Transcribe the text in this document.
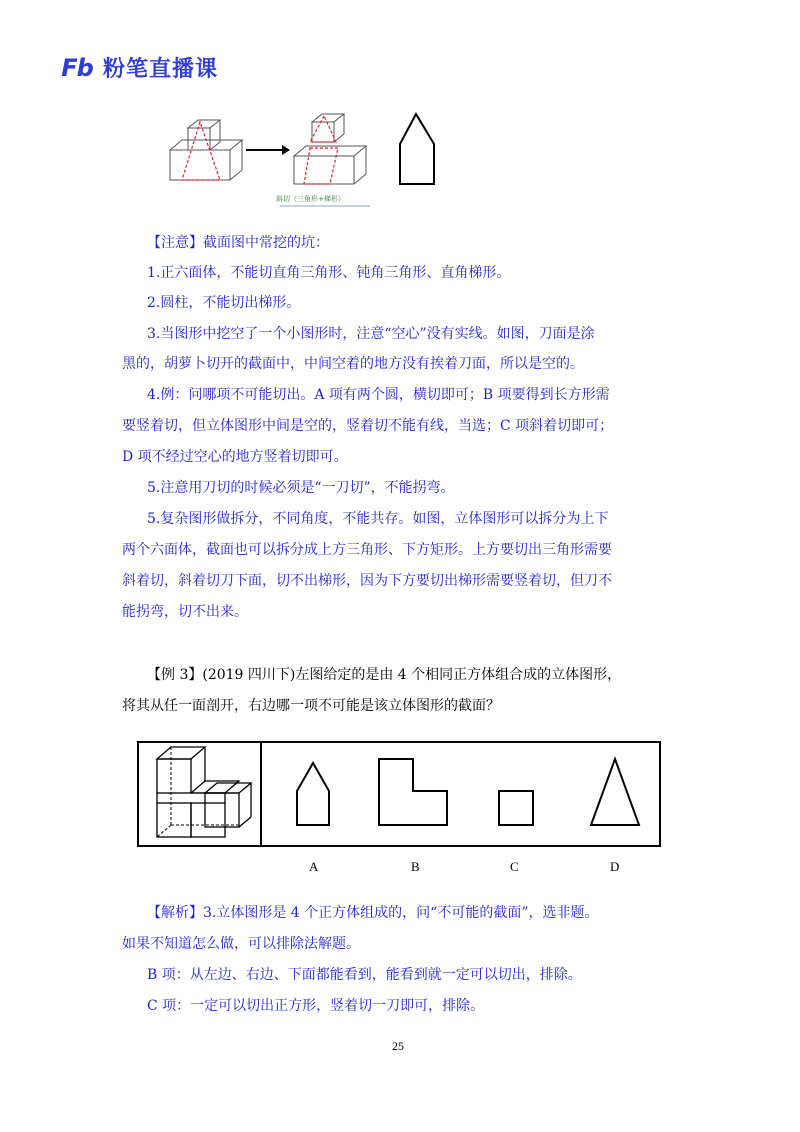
Fb 粉笔直播课
斜切（三角形+梯形）
【注意】截面图中常挖的坑：
1.正六面体，不能切直角三角形、钝角三角形、直角梯形。
2.圆柱，不能切出梯形。
3.当图形中挖空了一个小图形时，注意“空心”没有实线。如图，刀面是涂
黑的，胡萝卜切开的截面中，中间空着的地方没有挨着刀面，所以是空的。
4.例：问哪项不可能切出。A 项有两个圆，横切即可；B 项要得到长方形需
要竖着切，但立体图形中间是空的，竖着切不能有线，当选；C 项斜着切即可；
D 项不经过空心的地方竖着切即可。
5.注意用刀切的时候必须是“一刀切”，不能拐弯。
5.复杂图形做拆分，不同角度，不能共存。如图，立体图形可以拆分为上下
两个六面体，截面也可以拆分成上方三角形、下方矩形。上方要切出三角形需要
斜着切，斜着切刀下面，切不出梯形，因为下方要切出梯形需要竖着切，但刀不
能拐弯，切不出来。
【例 3】(2019 四川下)左图给定的是由 4 个相同正方体组合成的立体图形，
将其从任一面剖开，右边哪一项不可能是该立体图形的截面？
A	B	C	D
【解析】3.立体图形是 4 个正方体组成的，问“不可能的截面”，选非题。
如果不知道怎么做，可以排除法解题。
B 项：从左边、右边、下面都能看到，能看到就一定可以切出，排除。
C 项：一定可以切出正方形，竖着切一刀即可，排除。
25
